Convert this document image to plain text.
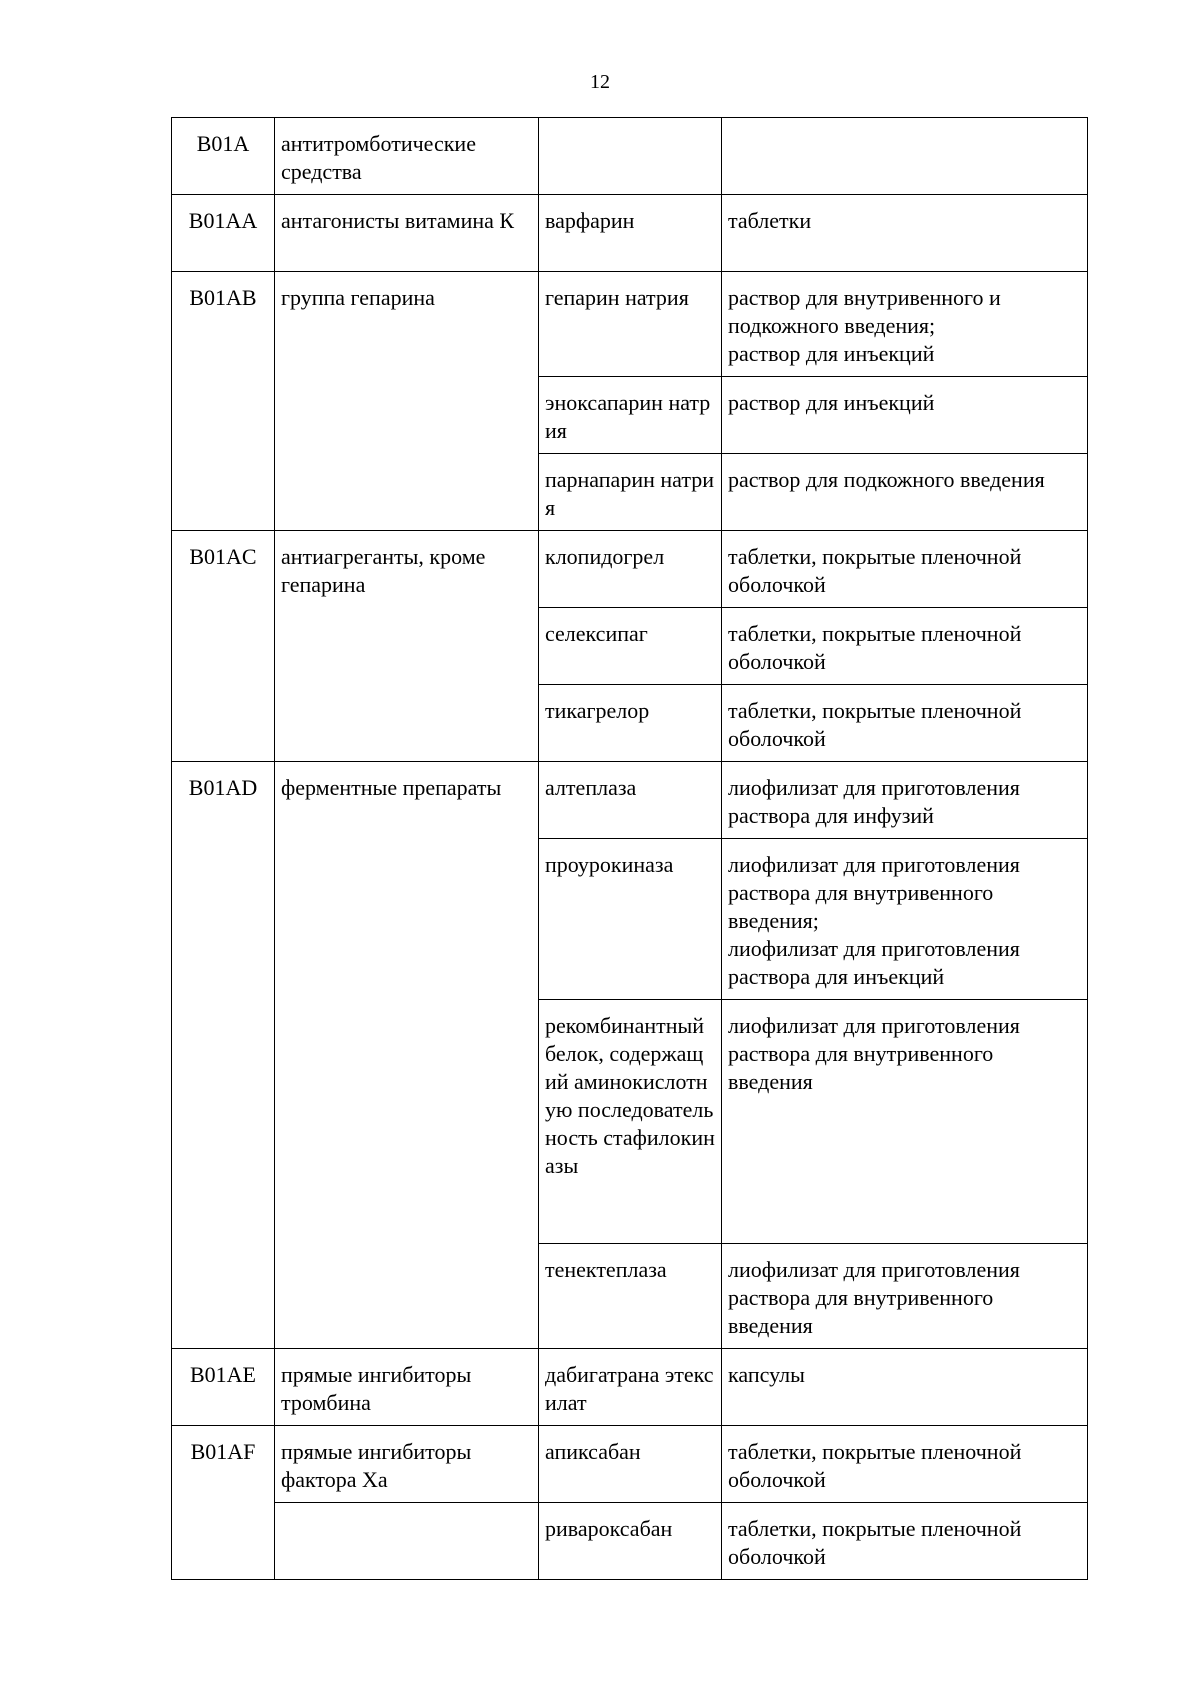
12
B01A	антитромботические средства		
B01AA	антагонисты витамина К	варфарин	таблетки
B01AB	группа гепарина	гепарин натрия	раствор для внутривенного и подкожного введения;
раствор для инъекций
		эноксапарин натрия	раствор для инъекций
		парнапарин натрия	раствор для подкожного введения
B01AC	антиагреганты, кроме гепарина	клопидогрел	таблетки, покрытые пленочной оболочкой
		селексипаг	таблетки, покрытые пленочной оболочкой
		тикагрелор	таблетки, покрытые пленочной оболочкой
B01AD	ферментные препараты	алтеплаза	лиофилизат для приготовления раствора для инфузий
		проурокиназа	лиофилизат для приготовления раствора для внутривенного введения;
лиофилизат для приготовления раствора для инъекций
		рекомбинантный белок, содержащий аминокислотную последовательность стафилокиназы	лиофилизат для приготовления раствора для внутривенного введения
		тенектеплаза	лиофилизат для приготовления раствора для внутривенного введения
B01AE	прямые ингибиторы тромбина	дабигатрана этексилат	капсулы
B01AF	прямые ингибиторы фактора Ха	апиксабан	таблетки, покрытые пленочной оболочкой
		ривароксабан	таблетки, покрытые пленочной оболочкой
